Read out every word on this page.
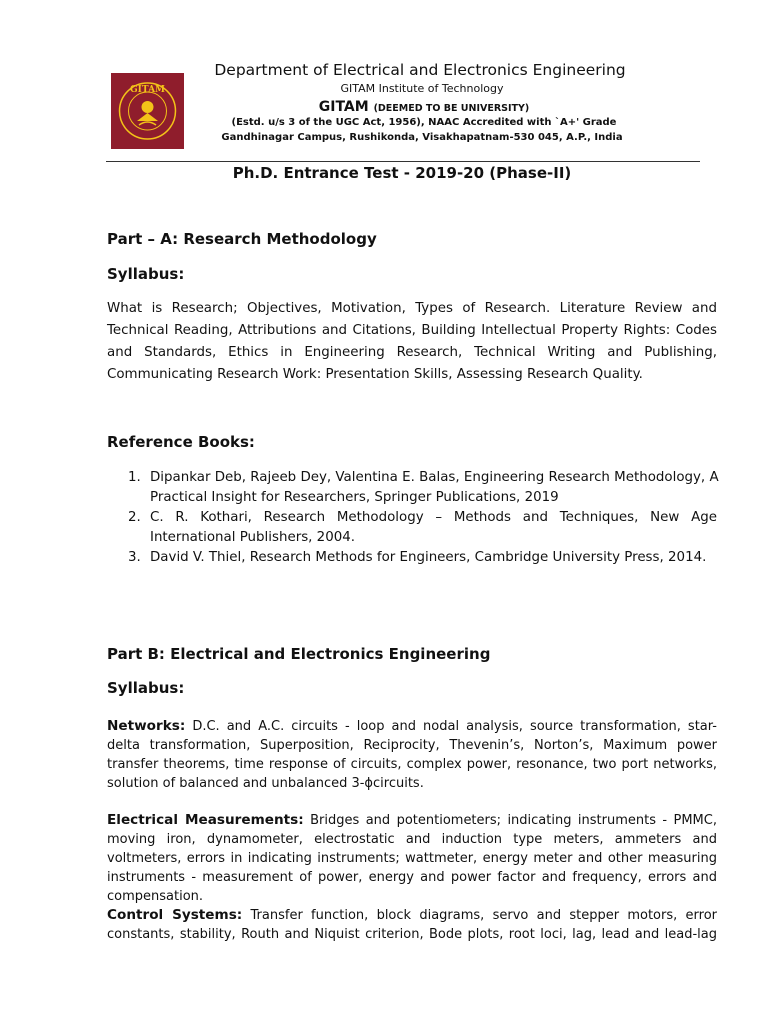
GITAM
Department of Electrical and Electronics Engineering
GITAM Institute of Technology
GITAM (DEEMED TO BE UNIVERSITY)
(Estd. u/s 3 of the UGC Act, 1956), NAAC Accredited with `A+' Grade
Gandhinagar Campus, Rushikonda, Visakhapatnam-530 045, A.P., India
Ph.D. Entrance Test - 2019-20 (Phase-II)
Part – A: Research Methodology
Syllabus:
What is Research; Objectives, Motivation, Types of Research. Literature Review and
Technical Reading, Attributions and Citations, Building Intellectual Property Rights: Codes
and Standards, Ethics in Engineering Research, Technical Writing and Publishing,
Communicating Research Work: Presentation Skills, Assessing Research Quality.
Reference Books:
1. Dipankar Deb, Rajeeb Dey, Valentina E. Balas, Engineering Research Methodology, A
Practical Insight for Researchers, Springer Publications, 2019
2. C. R. Kothari, Research Methodology – Methods and Techniques, New Age
International Publishers, 2004.
3. David V. Thiel, Research Methods for Engineers, Cambridge University Press, 2014.
Part B: Electrical and Electronics Engineering
Syllabus:
Networks: D.C. and A.C. circuits - loop and nodal analysis, source transformation, star-
delta transformation, Superposition, Reciprocity, Thevenin’s, Norton’s, Maximum power
transfer theorems, time response of circuits, complex power, resonance, two port networks,
solution of balanced and unbalanced 3-ϕcircuits.
Electrical Measurements: Bridges and potentiometers; indicating instruments - PMMC,
moving iron, dynamometer, electrostatic and induction type meters, ammeters and
voltmeters, errors in indicating instruments; wattmeter, energy meter and other measuring
instruments - measurement of power, energy and power factor and frequency, errors and
compensation.
Control Systems: Transfer function, block diagrams, servo and stepper motors, error
constants, stability, Routh and Niquist criterion, Bode plots, root loci, lag, lead and lead-lag
